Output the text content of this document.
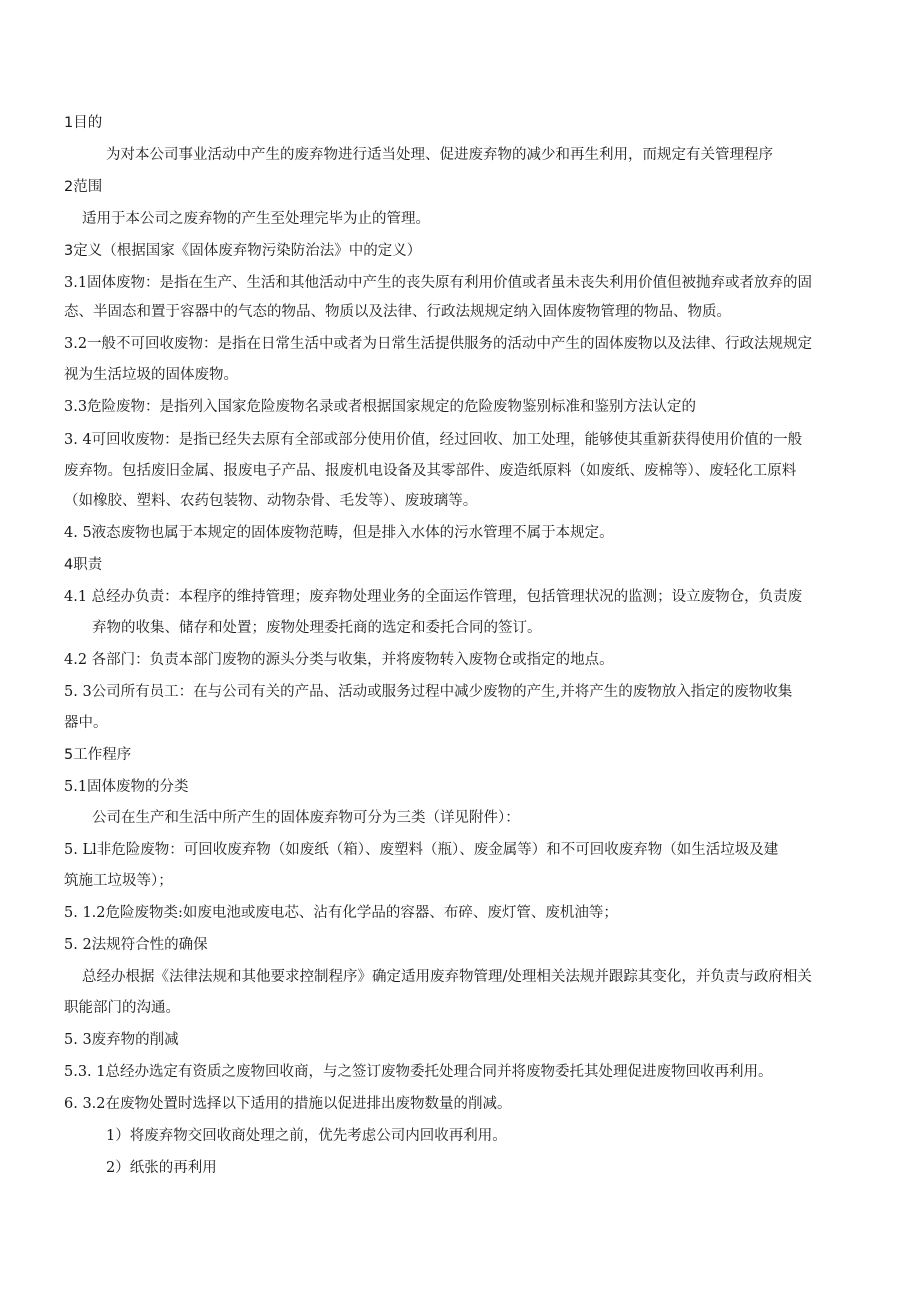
1目的

为对本公司事业活动中产生的废弃物进行适当处理、促进废弃物的减少和再生利用，而规定有关管理程序

2范围

适用于本公司之废弃物的产生至处理完毕为止的管理。

3定义（根据国家《固体废弃物污染防治法》中的定义）

3.1固体废物：是指在生产、生活和其他活动中产生的丧失原有利用价值或者虽未丧失利用价值但被抛弃或者放弃的固

态、半固态和置于容器中的气态的物品、物质以及法律、行政法规规定纳入固体废物管理的物品、物质。

3.2一般不可回收废物：是指在日常生活中或者为日常生活提供服务的活动中产生的固体废物以及法律、行政法规规定

视为生活垃圾的固体废物。

3.3危险废物：是指列入国家危险废物名录或者根据国家规定的危险废物鉴别标准和鉴别方法认定的

3. 4可回收废物：是指已经失去原有全部或部分使用价值，经过回收、加工处理，能够使其重新获得使用价值的一般

废弃物。包括废旧金属、报废电子产品、报废机电设备及其零部件、废造纸原料（如废纸、废棉等）、废轻化工原料

（如橡胶、塑料、农药包装物、动物杂骨、毛发等）、废玻璃等。

4. 5液态废物也属于本规定的固体废物范畴，但是排入水体的污水管理不属于本规定。

4职责

4.1 总经办负责：本程序的维持管理；废弃物处理业务的全面运作管理，包括管理状况的监测；设立废物仓，负责废

弃物的收集、储存和处置；废物处理委托商的选定和委托合同的签订。

4.2 各部门：负责本部门废物的源头分类与收集，并将废物转入废物仓或指定的地点。

5. 3公司所有员工：在与公司有关的产品、活动或服务过程中减少废物的产生,并将产生的废物放入指定的废物收集

器中。

5工作程序

5.1固体废物的分类

公司在生产和生活中所产生的固体废弃物可分为三类（详见附件）：

5. Ll非危险废物：可回收废弃物（如废纸（箱）、废塑料（瓶）、废金属等）和不可回收废弃物（如生活垃圾及建

筑施工垃圾等）；

5. 1.2危险废物类:如废电池或废电芯、沾有化学品的容器、布碎、废灯管、废机油等；

5. 2法规符合性的确保

总经办根据《法律法规和其他要求控制程序》确定适用废弃物管理/处理相关法规并跟踪其变化，并负责与政府相关

职能部门的沟通。

5. 3废弃物的削减

5.3. 1总经办选定有资质之废物回收商，与之签订废物委托处理合同并将废物委托其处理促进废物回收再利用。

6. 3.2在废物处置时选择以下适用的措施以促进排出废物数量的削减。

1）将废弃物交回收商处理之前，优先考虑公司内回收再利用。

2）纸张的再利用
